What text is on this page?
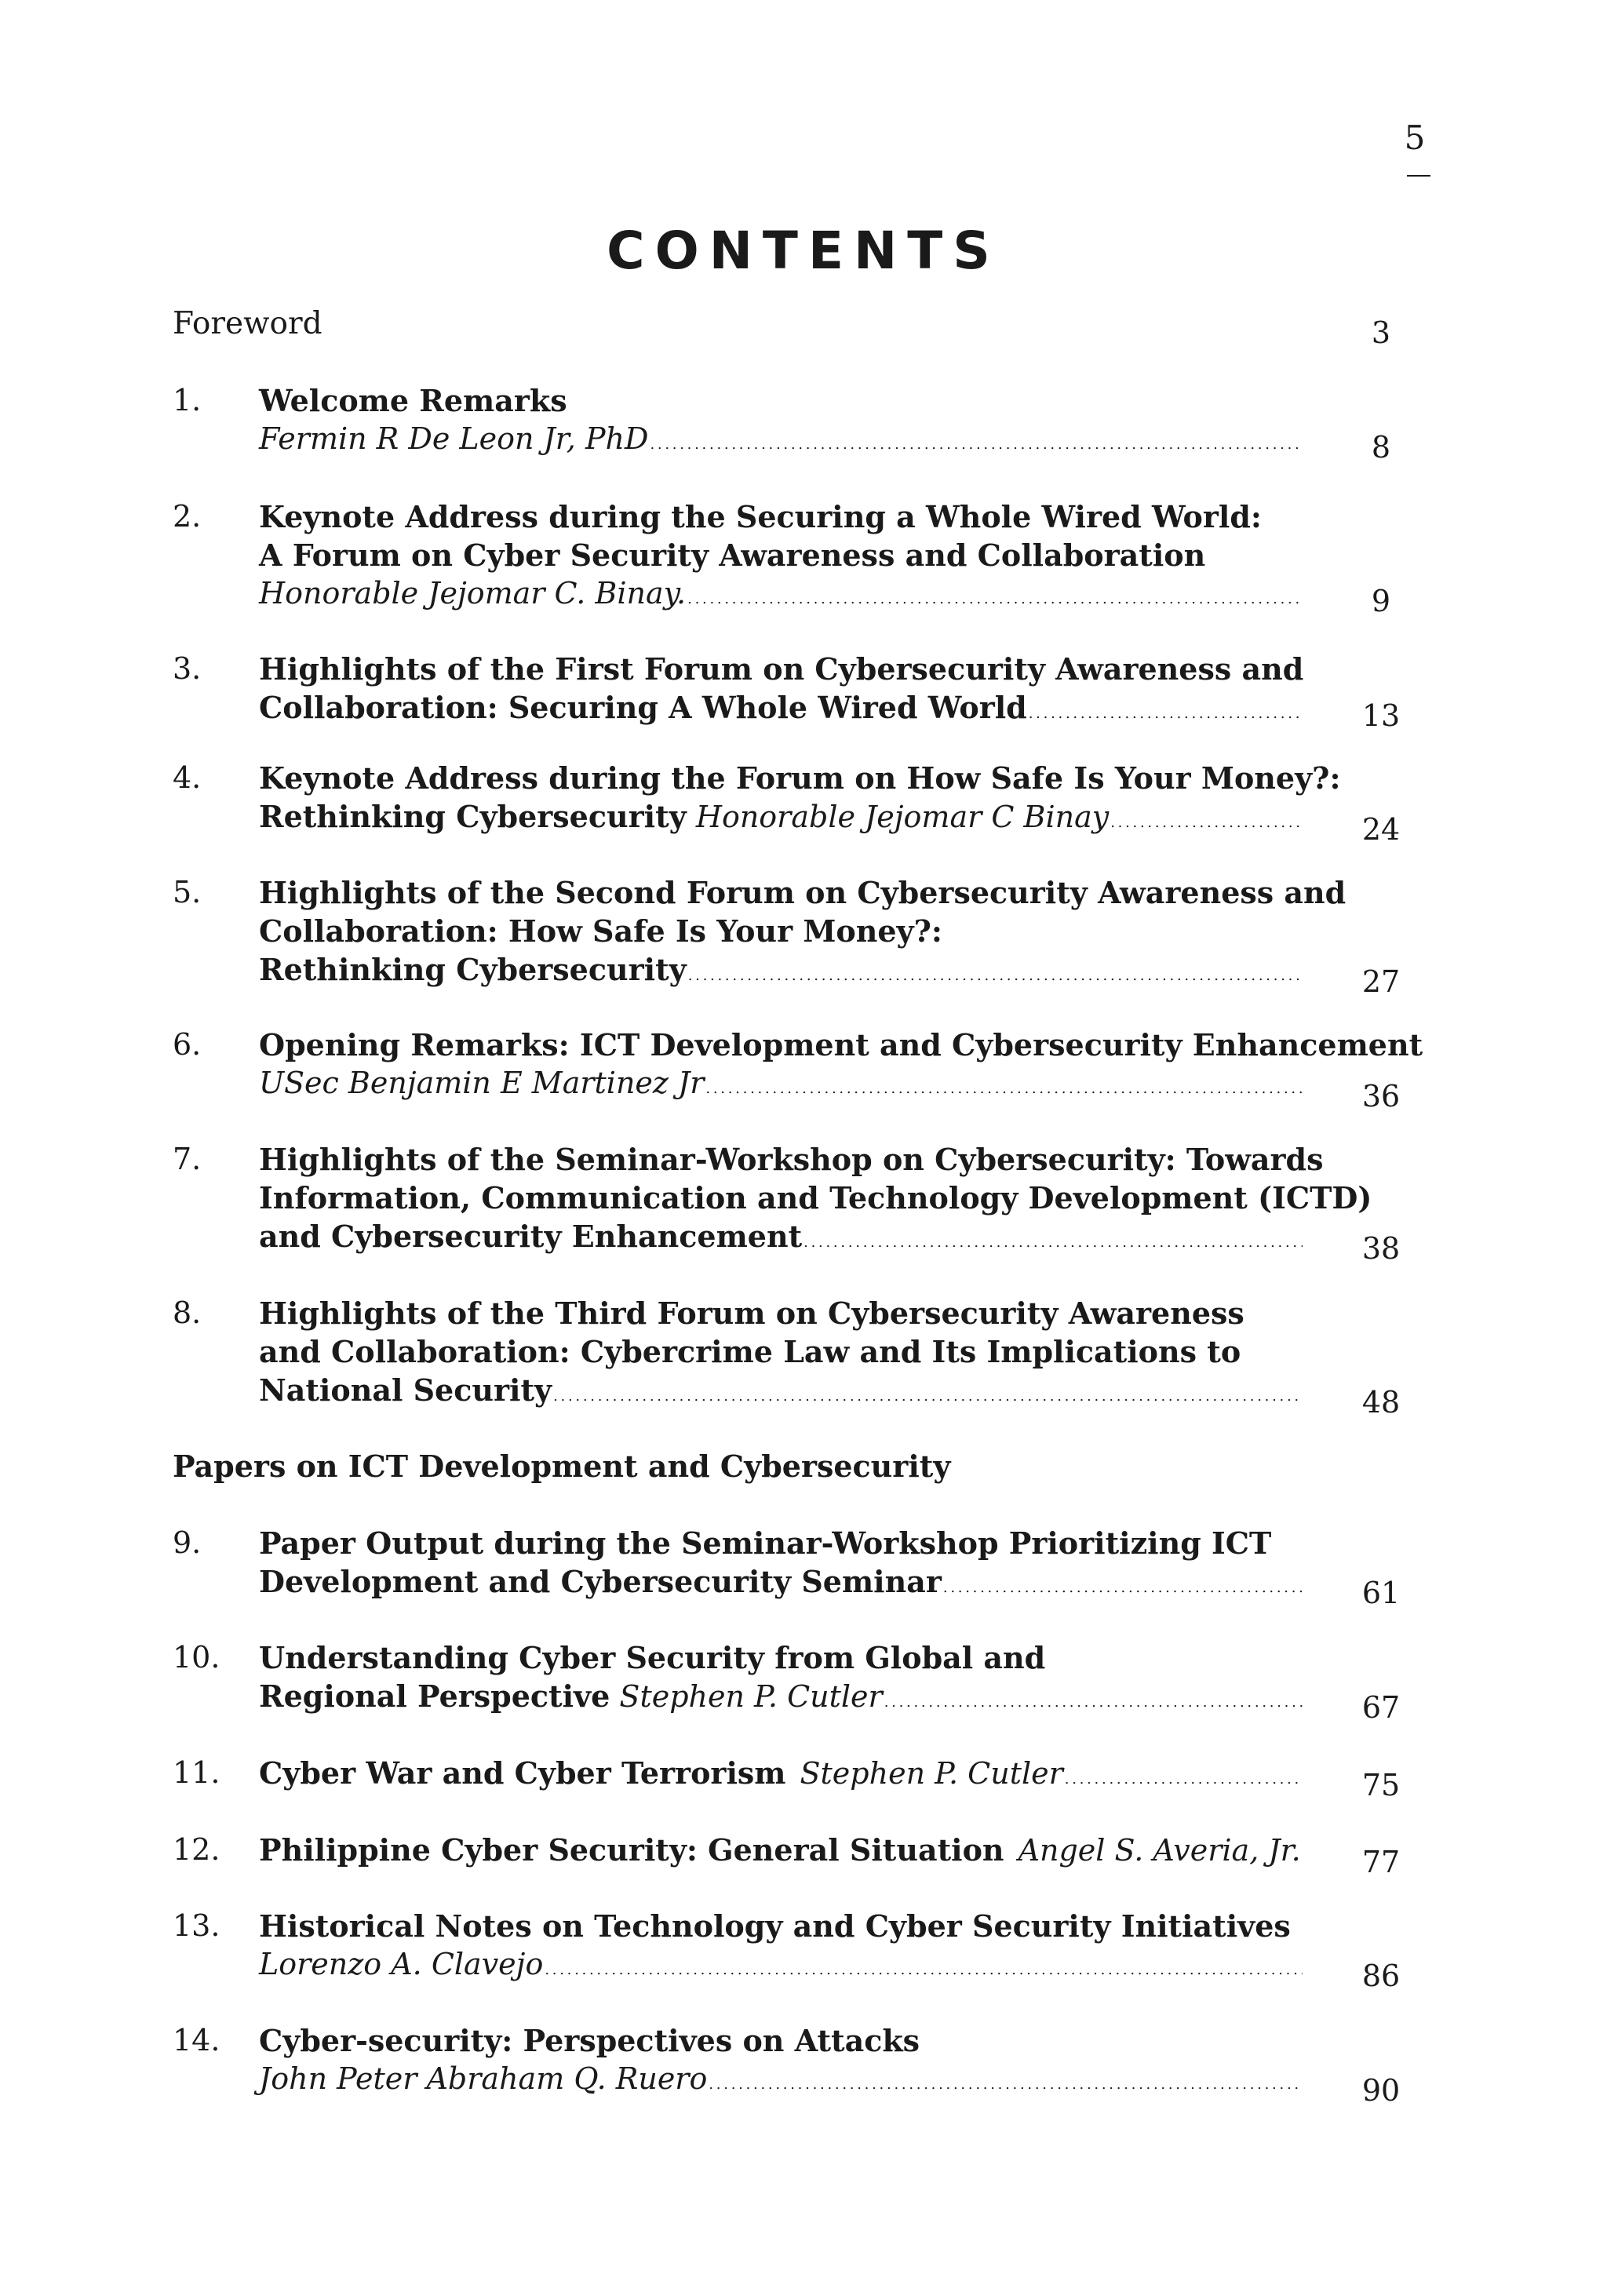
5
CONTENTS
Foreword	3
1. Welcome Remarks
Fermin R De Leon Jr, PhD . . .	8
2. Keynote Address during the Securing a Whole Wired World:
A Forum on Cyber Security Awareness and Collaboration
Honorable Jejomar C. Binay. . . .	9
3. Highlights of the First Forum on Cybersecurity Awareness and
Collaboration: Securing A Whole Wired World . . .	13
4. Keynote Address during the Forum on How Safe Is Your Money?:
Rethinking Cybersecurity
Honorable Jejomar C Binay . . .	24
5. Highlights of the Second Forum on Cybersecurity Awareness and
Collaboration: How Safe Is Your Money?:
Rethinking Cybersecurity . . .	27
6. Opening Remarks: ICT Development and Cybersecurity Enhancement
USec Benjamin E Martinez Jr . . .	36
7. Highlights of the Seminar-Workshop on Cybersecurity: Towards
Information, Communication and Technology Development (ICTD)
and Cybersecurity Enhancement . . .	38
8. Highlights of the Third Forum on Cybersecurity Awareness
and Collaboration: Cybercrime Law and Its Implications to
National Security . . .	48
Papers on ICT Development and Cybersecurity
9. Paper Output during the Seminar-Workshop Prioritizing ICT
Development and Cybersecurity Seminar . . .	61
10. Understanding Cyber Security from Global and
Regional Perspective
Stephen P. Cutler . . .	67
11. Cyber War and Cyber Terrorism Stephen P. Cutler . . .	75
12. Philippine Cyber Security: General Situation Angel S. Averia, Jr. . . .	77
13. Historical Notes on Technology and Cyber Security Initiatives
Lorenzo A. Clavejo . . .	86
14. Cyber-security: Perspectives on Attacks
John Peter Abraham Q. Ruero . . .	90
